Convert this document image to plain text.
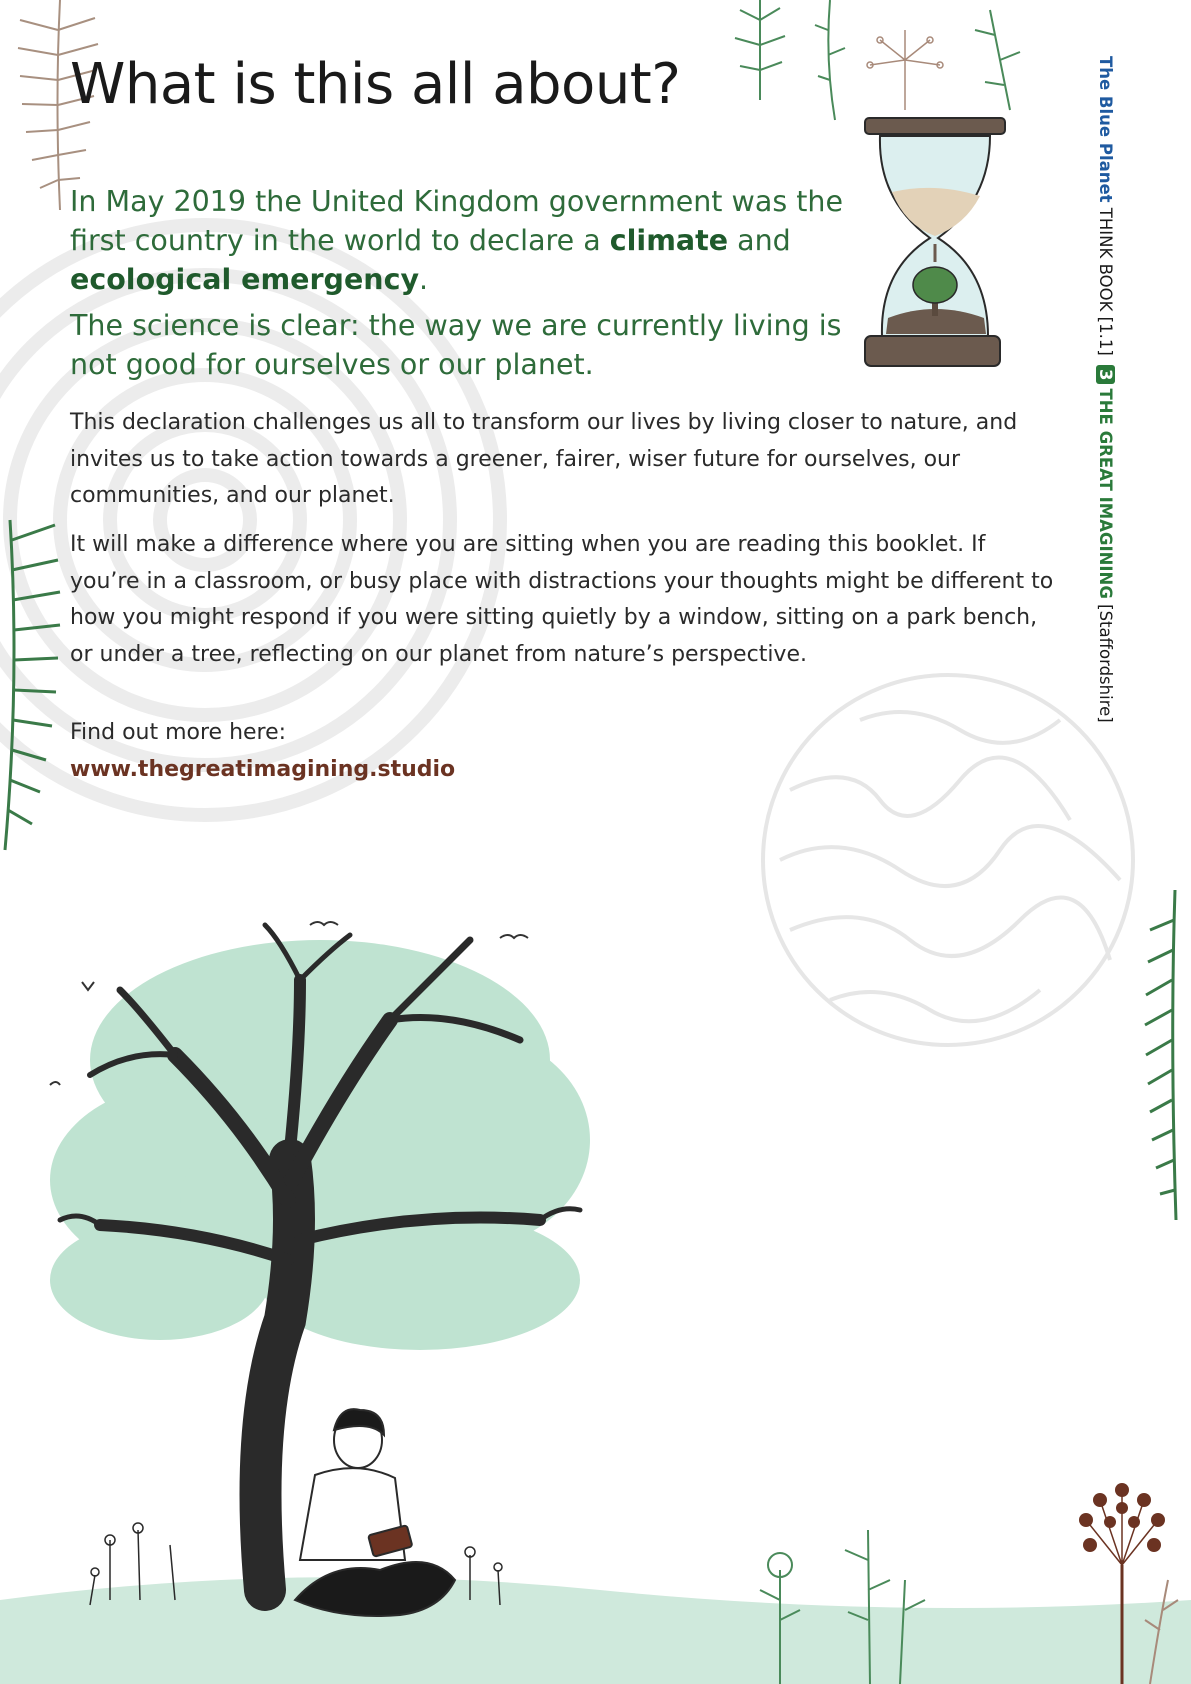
What is this all about?

In May 2019 the United Kingdom government was the first country in the world to declare a climate and ecological emergency.

The science is clear: the way we are currently living is not good for ourselves or our planet.

This declaration challenges us all to transform our lives by living closer to nature, and invites us to take action towards a greener, fairer, wiser future for ourselves, our communities, and our planet.

It will make a difference where you are sitting when you are reading this booklet. If you’re in a classroom, or busy place with distractions your thoughts might be different to how you might respond if you were sitting quietly by a window, sitting on a park bench, or under a tree, reflecting on our planet from nature’s perspective.

Find out more here:
www.thegreatimagining.studio
The Blue Planet THINK BOOK [1.1] 3THE GREAT IMAGINING [Staffordshire]
